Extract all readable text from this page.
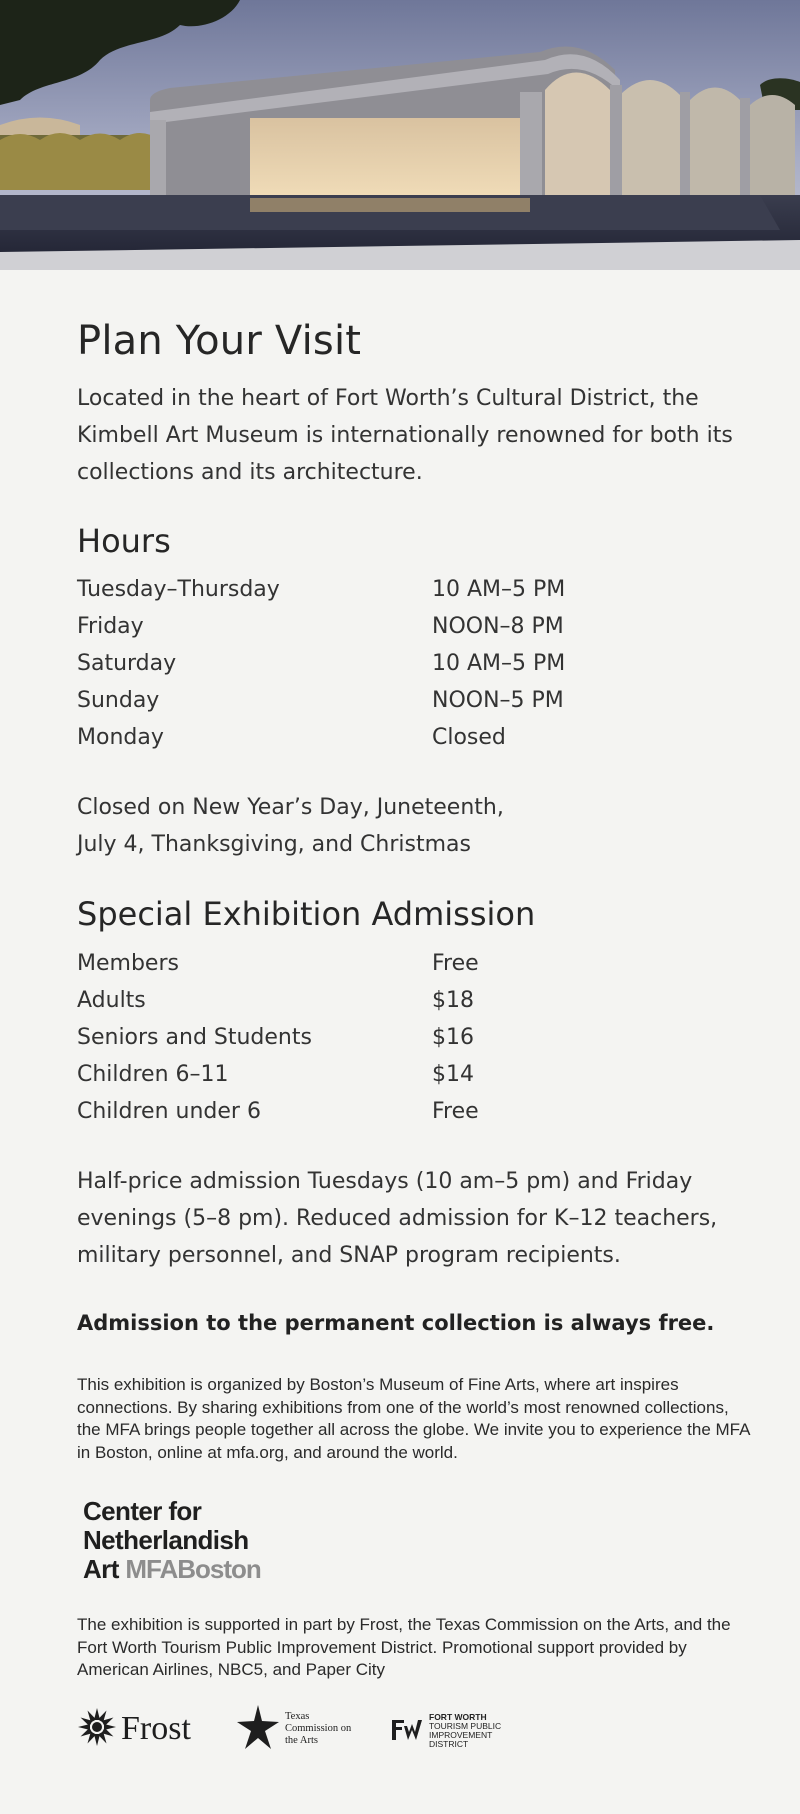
Plan Your Visit

Located in the heart of Fort Worth’s Cultural District, the Kimbell Art Museum is internationally renowned for both its collections and its architecture.

Hours
Tuesday–Thursday	10 AM–5 PM
Friday	NOON–8 PM
Saturday	10 AM–5 PM
Sunday	NOON–5 PM
Monday	Closed

Closed on New Year’s Day, Juneteenth, July 4, Thanksgiving, and Christmas

Special Exhibition Admission
Members	Free
Adults	$18
Seniors and Students	$16
Children 6–11	$14
Children under 6	Free

Half-price admission Tuesdays (10 am–5 pm) and Friday evenings (5–8 pm). Reduced admission for K–12 teachers, military personnel, and SNAP program recipients.

Admission to the permanent collection is always free.

This exhibition is organized by Boston’s Museum of Fine Arts, where art inspires connections. By sharing exhibitions from one of the world’s most renowned collections, the MFA brings people together all across the globe. We invite you to experience the MFA in Boston, online at mfa.org, and around the world.

Center for
Netherlandish
Art MFABoston

The exhibition is supported in part by Frost, the Texas Commission on the Arts, and the Fort Worth Tourism Public Improvement District. Promotional support provided by American Airlines, NBC5, and Paper City

Frost	Texas Commission on the Arts
FORT WORTH
TOURISM PUBLIC IMPROVEMENT DISTRICT
